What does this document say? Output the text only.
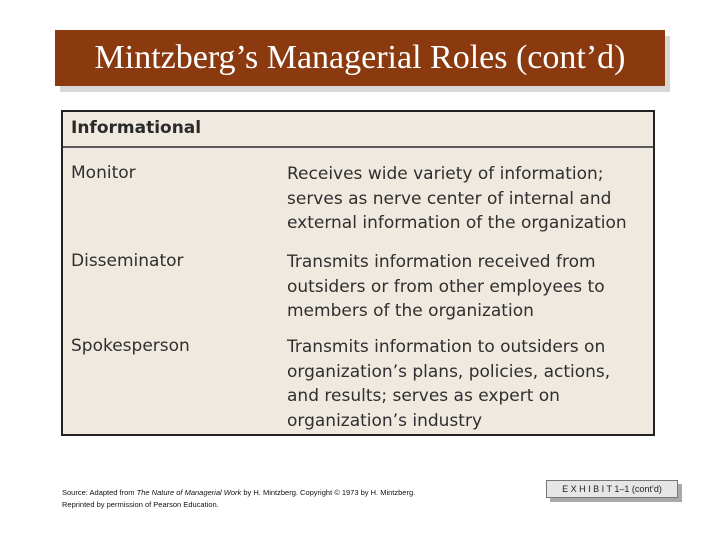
Mintzberg’s Managerial Roles (cont’d)
Informational
Monitor	Receives wide variety of information; serves as nerve center of internal and external information of the organization
Disseminator	Transmits information received from outsiders or from other employees to members of the organization
Spokesperson	Transmits information to outsiders on organization’s plans, policies, actions, and results; serves as expert on organization’s industry
Source: Adapted from The Nature of Managerial Work by H. Mintzberg. Copyright © 1973 by H. Mintzberg. Reprinted by permission of Pearson Education.
E X H I B I T 1–1 (cont’d)
